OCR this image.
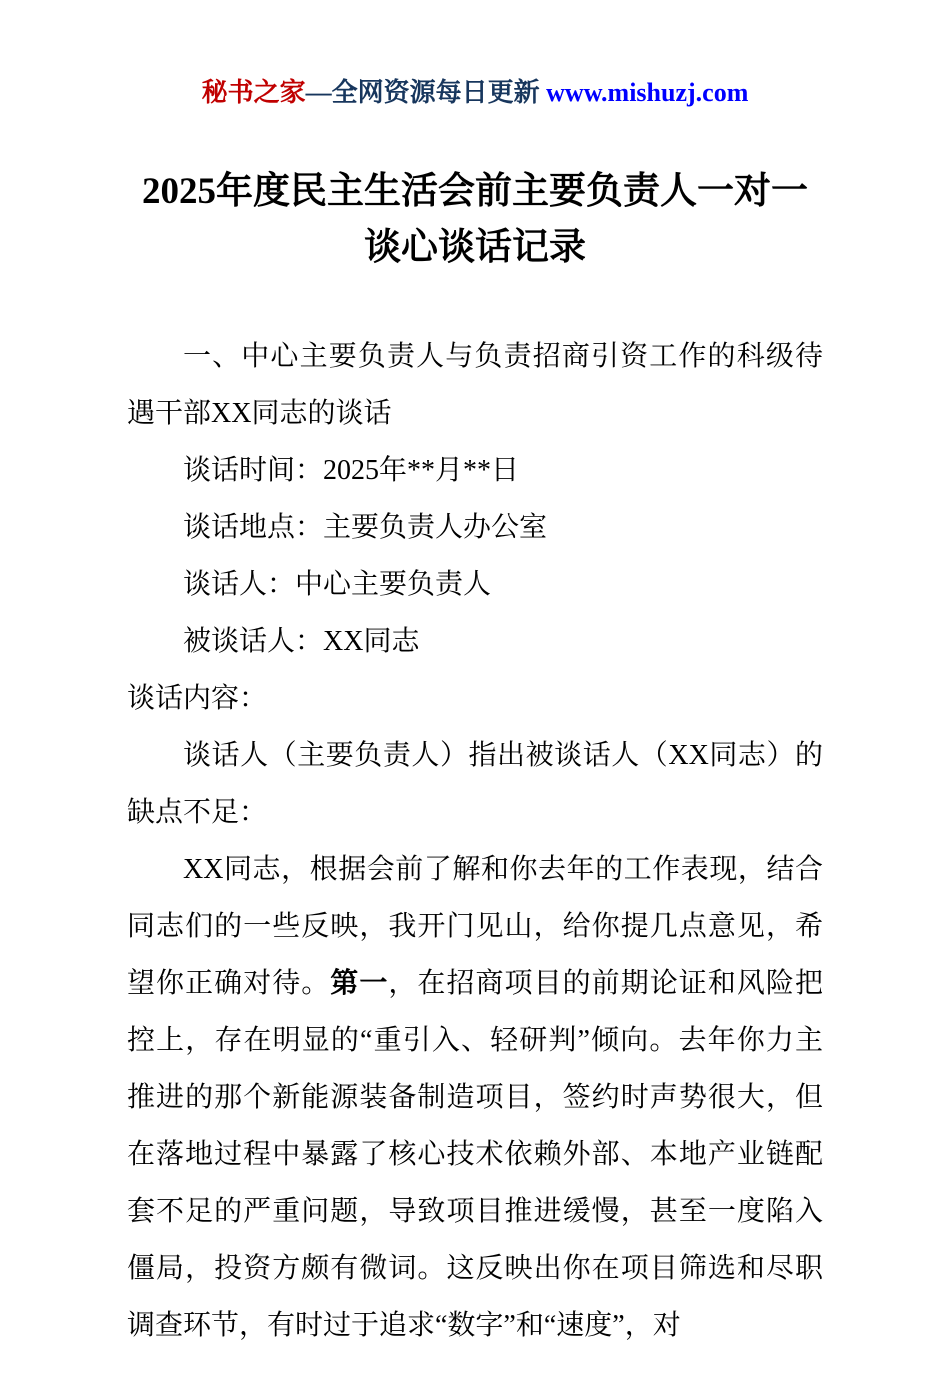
秘书之家—全网资源每日更新 www.mishuzj.com
2025年度民主生活会前主要负责人一对一谈心谈话记录

一、中心主要负责人与负责招商引资工作的科级待遇干部XX同志的谈话

谈话时间：2025年**月**日

谈话地点：主要负责人办公室

谈话人：中心主要负责人

被谈话人：XX同志

谈话内容：

谈话人（主要负责人）指出被谈话人（XX同志）的缺点不足：

XX同志，根据会前了解和你去年的工作表现，结合同志们的一些反映，我开门见山，给你提几点意见，希望你正确对待。第一，在招商项目的前期论证和风险把控上，存在明显的“重引入、轻研判”倾向。去年你力主推进的那个新能源装备制造项目，签约时声势很大，但在落地过程中暴露了核心技术依赖外部、本地产业链配套不足的严重问题，导致项目推进缓慢，甚至一度陷入僵局，投资方颇有微词。这反映出你在项目筛选和尽职调查环节，有时过于追求“数字”和“速度”，对
